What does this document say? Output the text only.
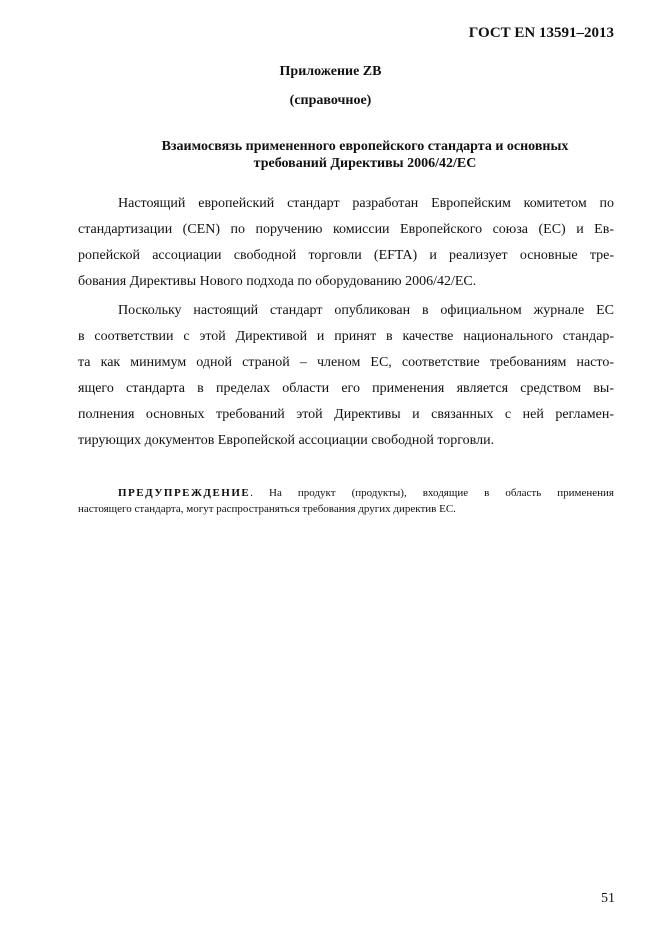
ГОСТ EN 13591–2013
Приложение ZB
(справочное)
Взаимосвязь примененного европейского стандарта и основных
требований Директивы 2006/42/ЕС
Настоящий европейский стандарт разработан Европейским комитетом по
стандартизации (CEN) по поручению комиссии Европейского союза (ЕС) и Ев-
ропейской ассоциации свободной торговли (EFTA) и реализует основные тре-
бования Директивы Нового подхода по оборудованию 2006/42/ЕС.
Поскольку настоящий стандарт опубликован в официальном журнале ЕС
в соответствии с этой Директивой и принят в качестве национального стандар-
та как минимум одной страной – членом ЕС, соответствие требованиям насто-
ящего стандарта в пределах области его применения является средством вы-
полнения основных требований этой Директивы и связанных с ней регламен-
тирующих документов Европейской ассоциации свободной торговли.
ПРЕДУПРЕЖДЕНИЕ. На продукт (продукты), входящие в область применения
настоящего стандарта, могут распространяться требования других директив ЕС.
51
